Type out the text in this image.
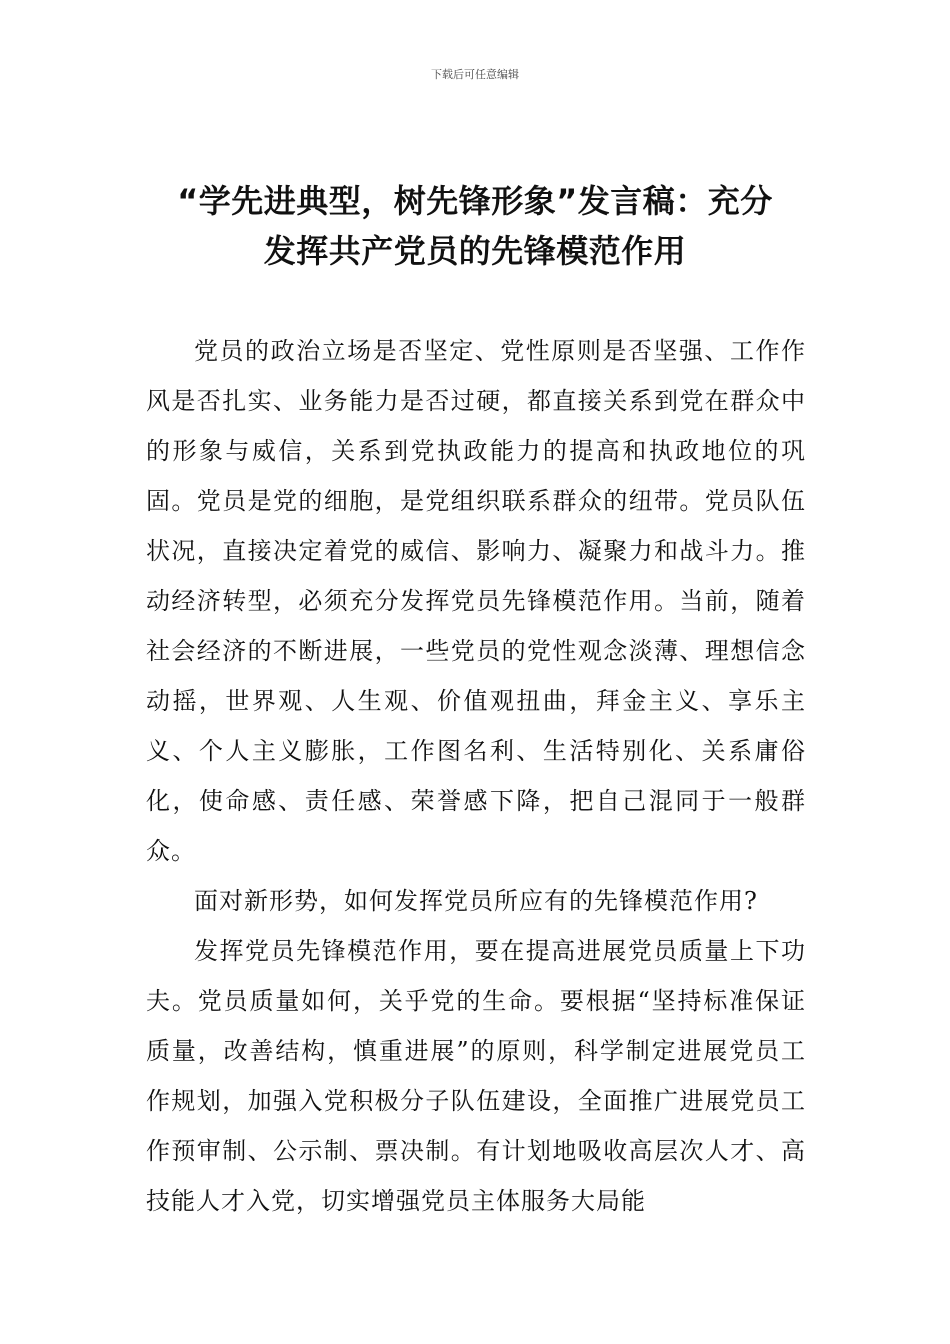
下载后可任意编辑
“学先进典型，树先锋形象”发言稿：充分
发挥共产党员的先锋模范作用

党员的政治立场是否坚定、党性原则是否坚强、工作作风是否扎实、业务能力是否过硬，都直接关系到党在群众中的形象与威信，关系到党执政能力的提高和执政地位的巩固。党员是党的细胞，是党组织联系群众的纽带。党员队伍状况，直接决定着党的威信、影响力、凝聚力和战斗力。推动经济转型，必须充分发挥党员先锋模范作用。当前，随着社会经济的不断进展，一些党员的党性观念淡薄、理想信念动摇，世界观、人生观、价值观扭曲，拜金主义、享乐主义、个人主义膨胀，工作图名利、生活特别化、关系庸俗化，使命感、责任感、荣誉感下降，把自己混同于一般群众。

面对新形势，如何发挥党员所应有的先锋模范作用?

发挥党员先锋模范作用，要在提高进展党员质量上下功夫。党员质量如何，关乎党的生命。要根据“坚持标准保证质量，改善结构，慎重进展”的原则，科学制定进展党员工作规划，加强入党积极分子队伍建设，全面推广进展党员工作预审制、公示制、票决制。有计划地吸收高层次人才、高技能人才入党，切实增强党员主体服务大局能
